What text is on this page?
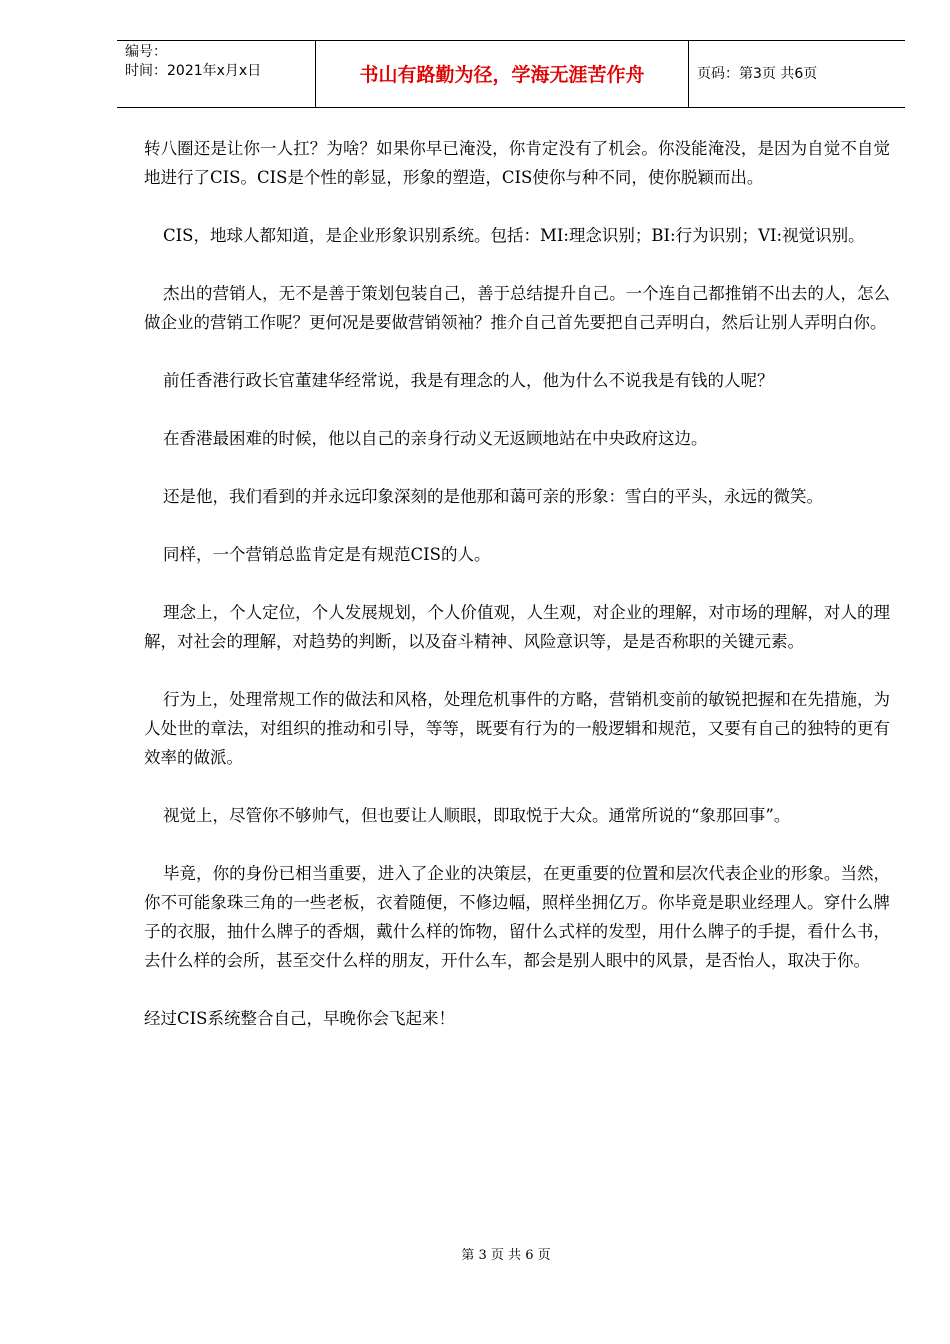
编号：
时间：2021年x月x日	书山有路勤为径，学海无涯苦作舟	页码：第3页 共6页

转八圈还是让你一人扛？为啥？如果你早已淹没，你肯定没有了机会。你没能淹没，是因为自觉不自觉地进行了CIS。CIS是个性的彰显，形象的塑造，CIS使你与种不同，使你脱颖而出。

CIS，地球人都知道，是企业形象识别系统。包括：MI:理念识别；BI:行为识别；VI:视觉识别。

杰出的营销人，无不是善于策划包装自己，善于总结提升自己。一个连自己都推销不出去的人，怎么做企业的营销工作呢？更何况是要做营销领袖？推介自己首先要把自己弄明白，然后让别人弄明白你。

前任香港行政长官董建华经常说，我是有理念的人，他为什么不说我是有钱的人呢？

在香港最困难的时候，他以自己的亲身行动义无返顾地站在中央政府这边。

还是他，我们看到的并永远印象深刻的是他那和蔼可亲的形象：雪白的平头，永远的微笑。

同样，一个营销总监肯定是有规范CIS的人。

理念上，个人定位，个人发展规划，个人价值观，人生观，对企业的理解，对市场的理解，对人的理解，对社会的理解，对趋势的判断，以及奋斗精神、风险意识等，是是否称职的关键元素。

行为上，处理常规工作的做法和风格，处理危机事件的方略，营销机变前的敏锐把握和在先措施，为人处世的章法，对组织的推动和引导，等等，既要有行为的一般逻辑和规范，又要有自己的独特的更有效率的做派。

视觉上，尽管你不够帅气，但也要让人顺眼，即取悦于大众。通常所说的“象那回事”。

毕竟，你的身份已相当重要，进入了企业的决策层，在更重要的位置和层次代表企业的形象。当然，你不可能象珠三角的一些老板，衣着随便，不修边幅，照样坐拥亿万。你毕竟是职业经理人。穿什么牌子的衣服，抽什么牌子的香烟，戴什么样的饰物，留什么式样的发型，用什么牌子的手提，看什么书，去什么样的会所，甚至交什么样的朋友，开什么车，都会是别人眼中的风景，是否怡人，取决于你。

经过CIS系统整合自己，早晚你会飞起来！

第 3 页 共 6 页
